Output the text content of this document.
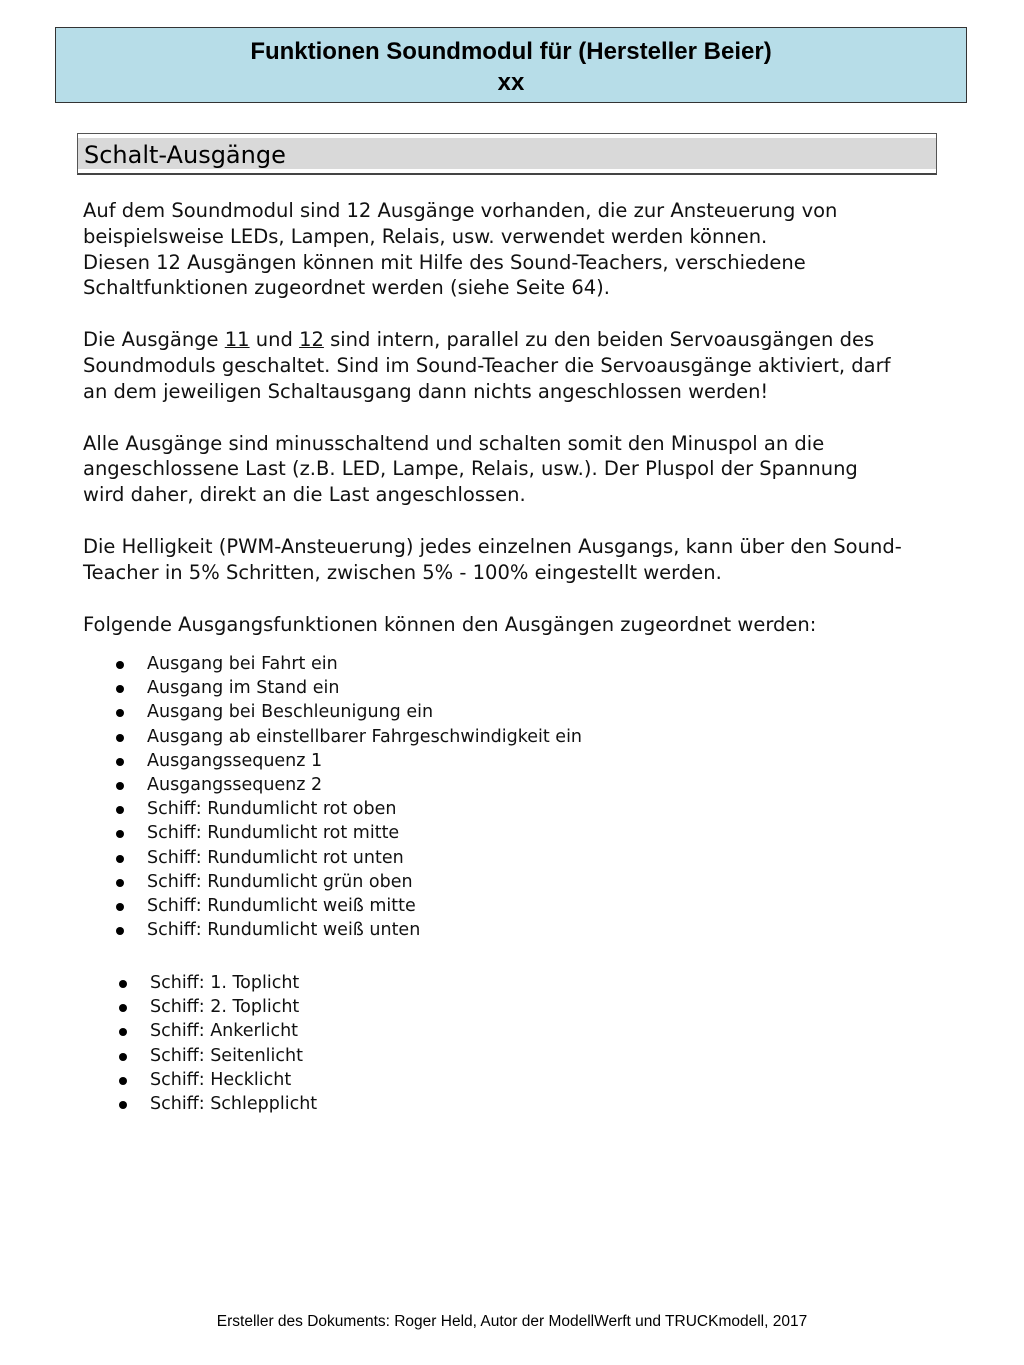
Funktionen Soundmodul für (Hersteller Beier)
xx
Schalt-Ausgänge

Auf dem Soundmodul sind 12 Ausgänge vorhanden, die zur Ansteuerung von
beispielsweise LEDs, Lampen, Relais, usw. verwendet werden können.
Diesen 12 Ausgängen können mit Hilfe des Sound-Teachers, verschiedene
Schaltfunktionen zugeordnet werden (siehe Seite 64).

Die Ausgänge 11 und 12 sind intern, parallel zu den beiden Servoausgängen des
Soundmoduls geschaltet. Sind im Sound-Teacher die Servoausgänge aktiviert, darf
an dem jeweiligen Schaltausgang dann nichts angeschlossen werden!

Alle Ausgänge sind minusschaltend und schalten somit den Minuspol an die
angeschlossene Last (z.B. LED, Lampe, Relais, usw.). Der Pluspol der Spannung
wird daher, direkt an die Last angeschlossen.

Die Helligkeit (PWM-Ansteuerung) jedes einzelnen Ausgangs, kann über den Sound-
Teacher in 5% Schritten, zwischen 5% - 100% eingestellt werden.

Folgende Ausgangsfunktionen können den Ausgängen zugeordnet werden:

Ausgang bei Fahrt ein
Ausgang im Stand ein
Ausgang bei Beschleunigung ein
Ausgang ab einstellbarer Fahrgeschwindigkeit ein
Ausgangssequenz 1
Ausgangssequenz 2
Schiff: Rundumlicht rot oben
Schiff: Rundumlicht rot mitte
Schiff: Rundumlicht rot unten
Schiff: Rundumlicht grün oben
Schiff: Rundumlicht weiß mitte
Schiff: Rundumlicht weiß unten
Schiff: 1. Toplicht
Schiff: 2. Toplicht
Schiff: Ankerlicht
Schiff: Seitenlicht
Schiff: Hecklicht
Schiff: Schlepplicht
Ersteller des Dokuments: Roger Held, Autor der ModellWerft und TRUCKmodell, 2017
